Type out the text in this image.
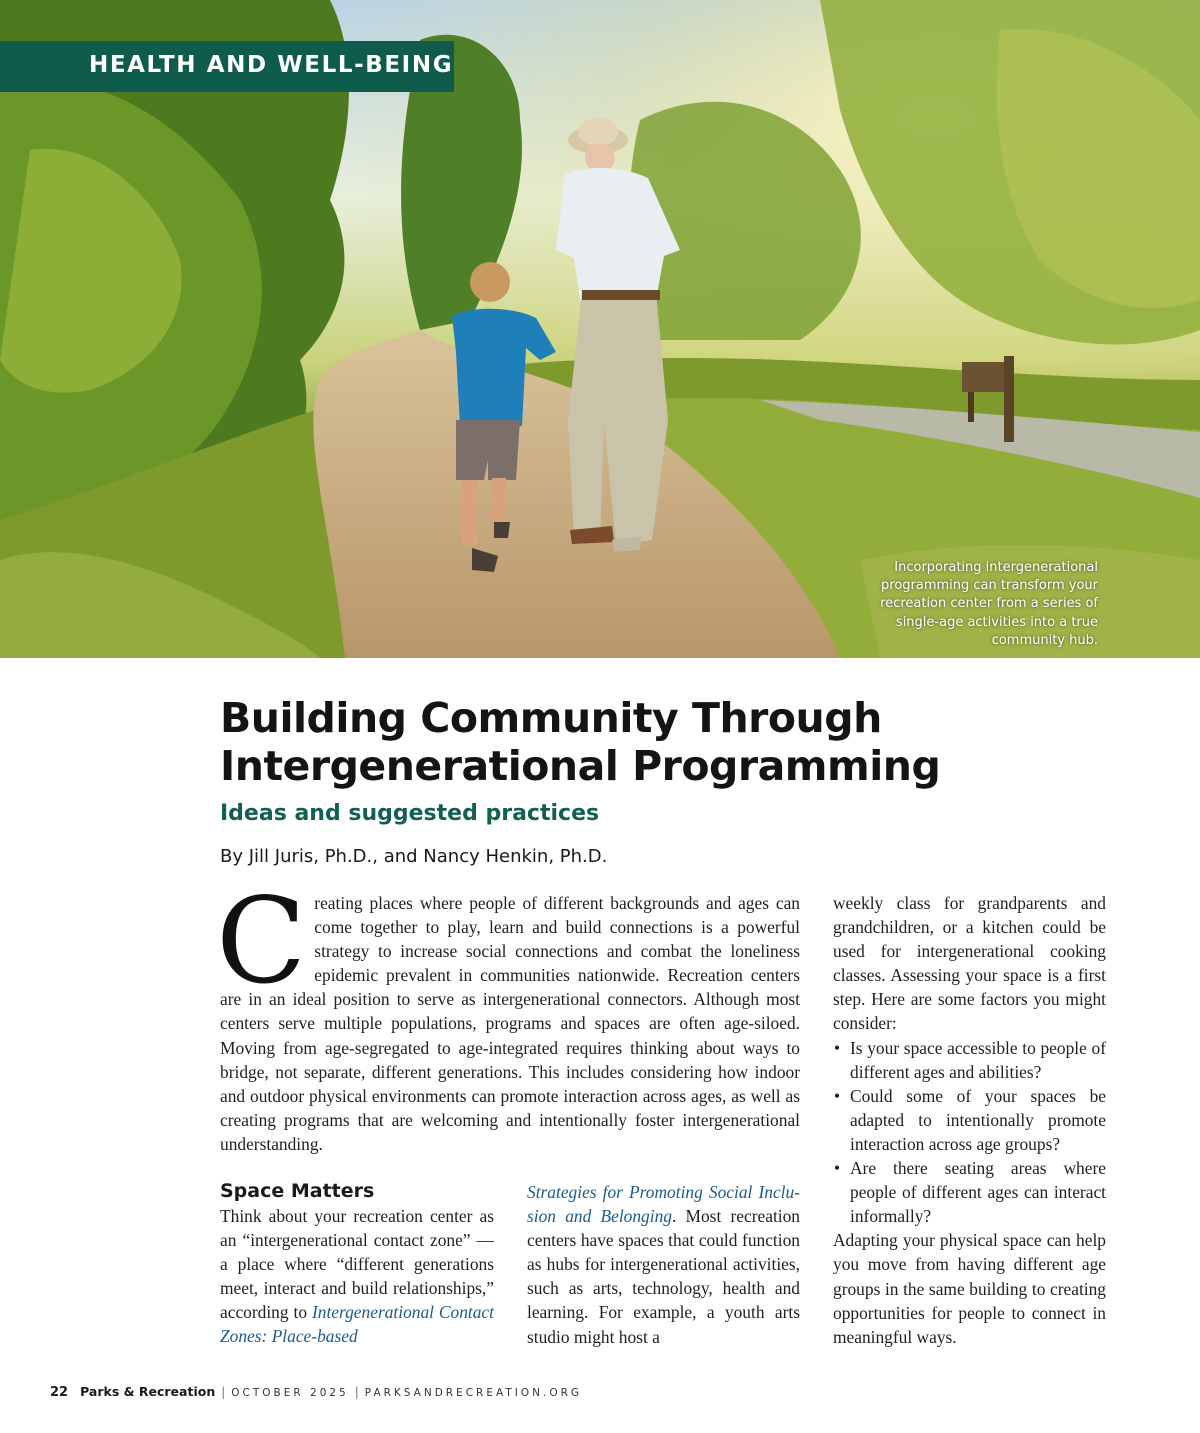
HEALTH AND WELL-BEING
Incorporating intergenerational programming can transform your recreation center from a series of single-age activities into a true community hub.
Building Community Through
Intergenerational Programming
Ideas and suggested practices
By Jill Juris, Ph.D., and Nancy Henkin, Ph.D.
Creating places where people of different backgrounds and ages can come together to play, learn and build connections is a powerful strategy to increase social connections and combat the loneliness epidemic prevalent in communities nationwide. Recreation centers are in an ideal position to serve as intergenerational connectors. Although most centers serve multiple populations, programs and spaces are often age-siloed. Moving from age-segregated to age-integrated requires thinking about ways to bridge, not separate, different generations. This includes considering how indoor and outdoor physical environments can promote interaction across ages, as well as creating programs that are welcoming and intentionally foster intergenerational understanding.
Space Matters
Think about your recreation center as an “intergenerational contact zone” — a place where “different generations meet, interact and build relationships,” according to Intergenerational Contact Zones: Place-based
Strategies for Promoting Social Inclusion and Belonging. Most recreation centers have spaces that could function as hubs for intergenerational activities, such as arts, technology, health and learning. For example, a youth arts studio might host a

weekly class for grandparents and grandchildren, or a kitchen could be used for intergenerational cooking classes. Assessing your space is a first step. Here are some factors you might consider:

• Is your space accessible to people of different ages and abilities?
• Could some of your spaces be adapted to intentionally promote interaction across age groups?
• Are there seating areas where people of different ages can interact informally?

Adapting your physical space can help you move from having different age groups in the same building to creating opportunities for people to connect in meaningful ways.

22 Parks & Recreation | OCTOBER 2025 | PARKSANDRECREATION.ORG
